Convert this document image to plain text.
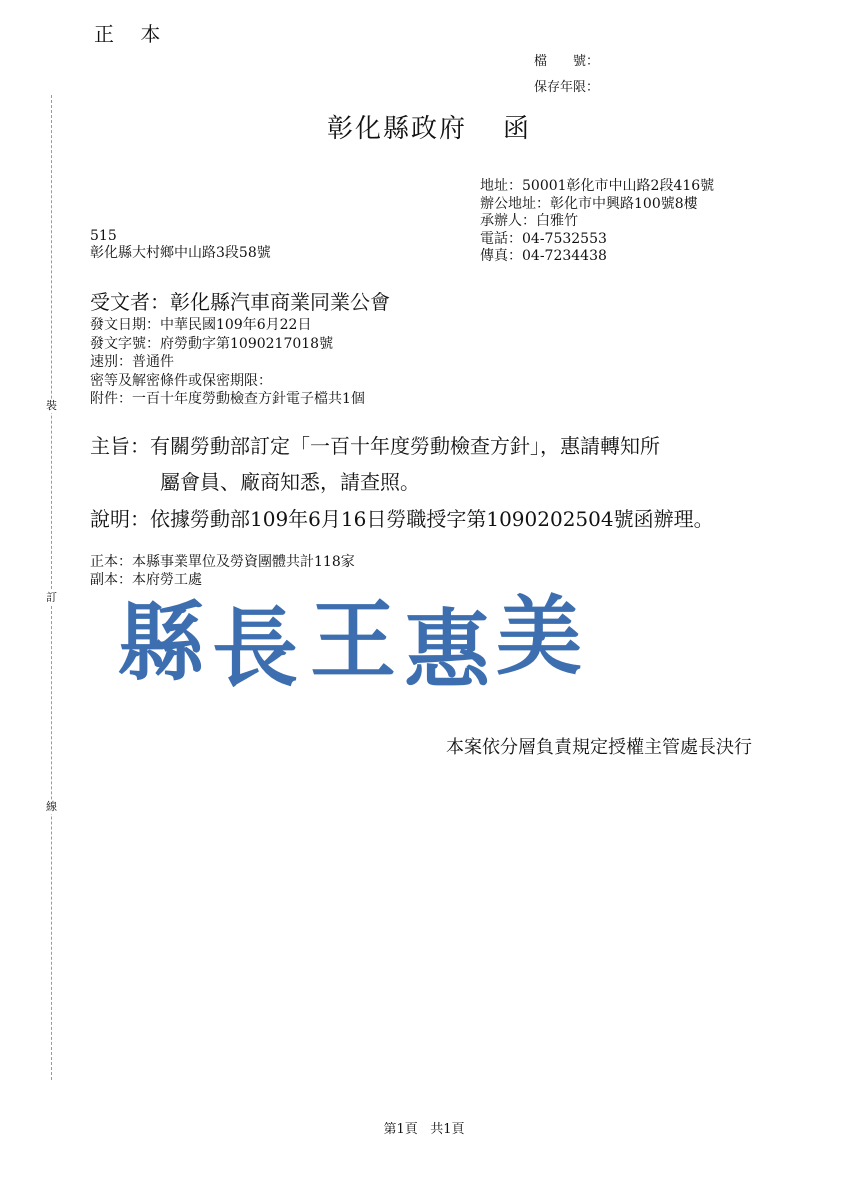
裝
訂
線
正 本
檔　　號：
保存年限：
彰化縣政府 函
地址：50001彰化市中山路2段416號
辦公地址：彰化市中興路100號8樓
承辦人：白雅竹
電話：04-7532553
傳真：04-7234438
515
彰化縣大村鄉中山路3段58號
受文者：彰化縣汽車商業同業公會
發文日期：中華民國109年6月22日
發文字號：府勞動字第1090217018號
速別：普通件
密等及解密條件或保密期限：
附件：一百十年度勞動檢查方針電子檔共1個
主旨：有關勞動部訂定「一百十年度勞動檢查方針」，惠請轉知所
屬會員、廠商知悉，請查照。
說明：依據勞動部109年6月16日勞職授字第1090202504號函辦理。
正本：本縣事業單位及勞資團體共計118家
副本：本府勞工處
縣 長 王 惠 美
本案依分層負責規定授權主管處長決行
第1頁 共1頁
